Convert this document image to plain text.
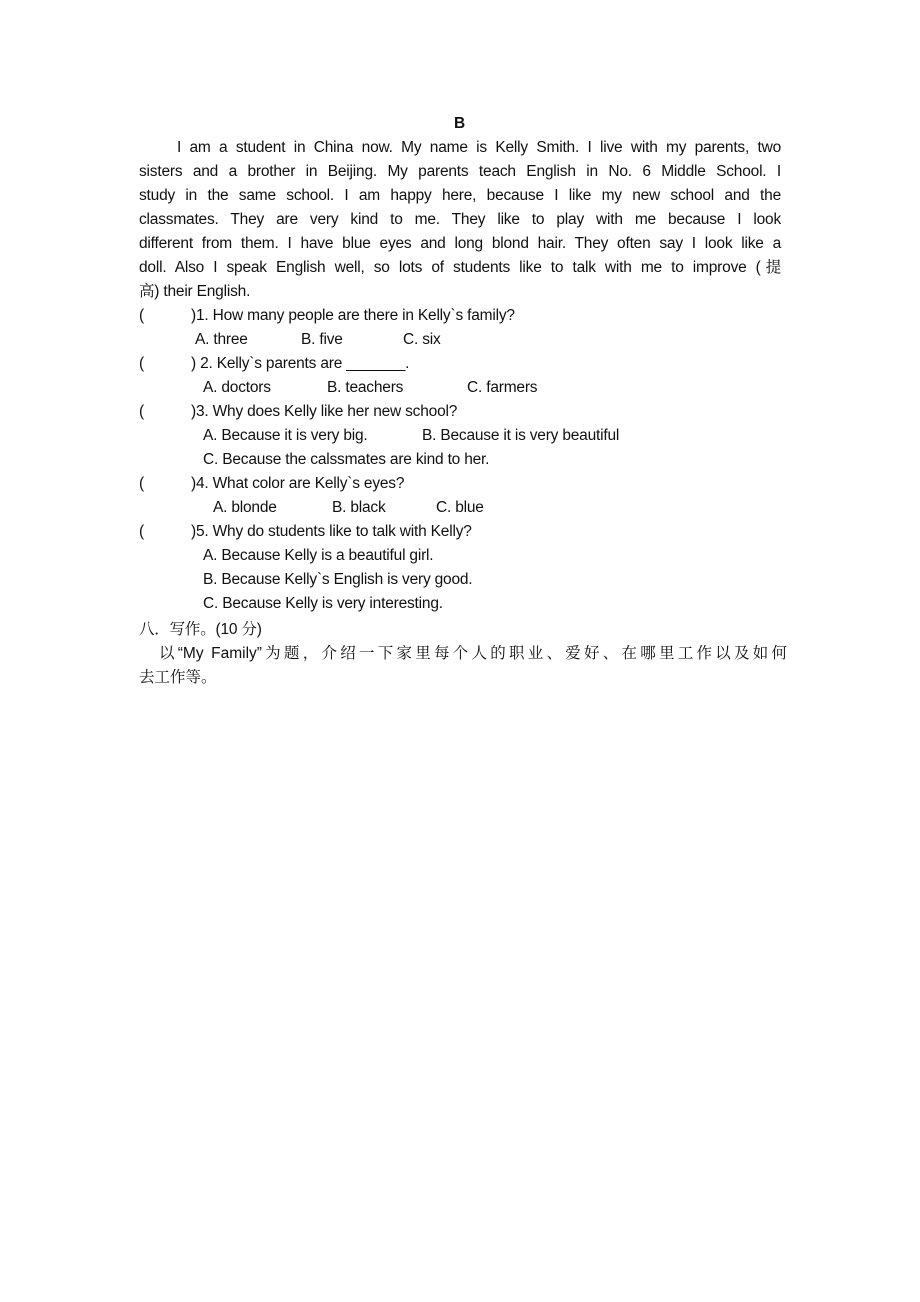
B
I am a student in China now. My name is Kelly Smith. I live with my parents, two
sisters and a brother in Beijing. My parents teach English in No. 6 Middle School. I
study in the same school. I am happy here, because I like my new school and the
classmates. They are very kind to me. They like to play with me because I look
different from them. I have blue eyes and long blond hair. They often say I look like a
doll. Also I speak English well, so lots of students like to talk with me to improve (提
高) their English.
(	)1. How many people are there in Kelly`s family?
A. three	B. five	C. six
(	) 2. Kelly`s parents are _______.
A. doctors	B. teachers	C. farmers
(	)3. Why does Kelly like her new school?
A. Because it is very big.	B. Because it is very beautiful
C. Because the calssmates are kind to her.
(	)4. What color are Kelly`s eyes?
A. blonde	B. black	C. blue
(	)5. Why do students like to talk with Kelly?
A. Because Kelly is a beautiful girl.
B. Because Kelly`s English is very good.
C. Because Kelly is very interesting.
八．写作。(10 分)
以“My Family”为题，介绍一下家里每个人的职业、爱好、在哪里工作以及如何
去工作等。
